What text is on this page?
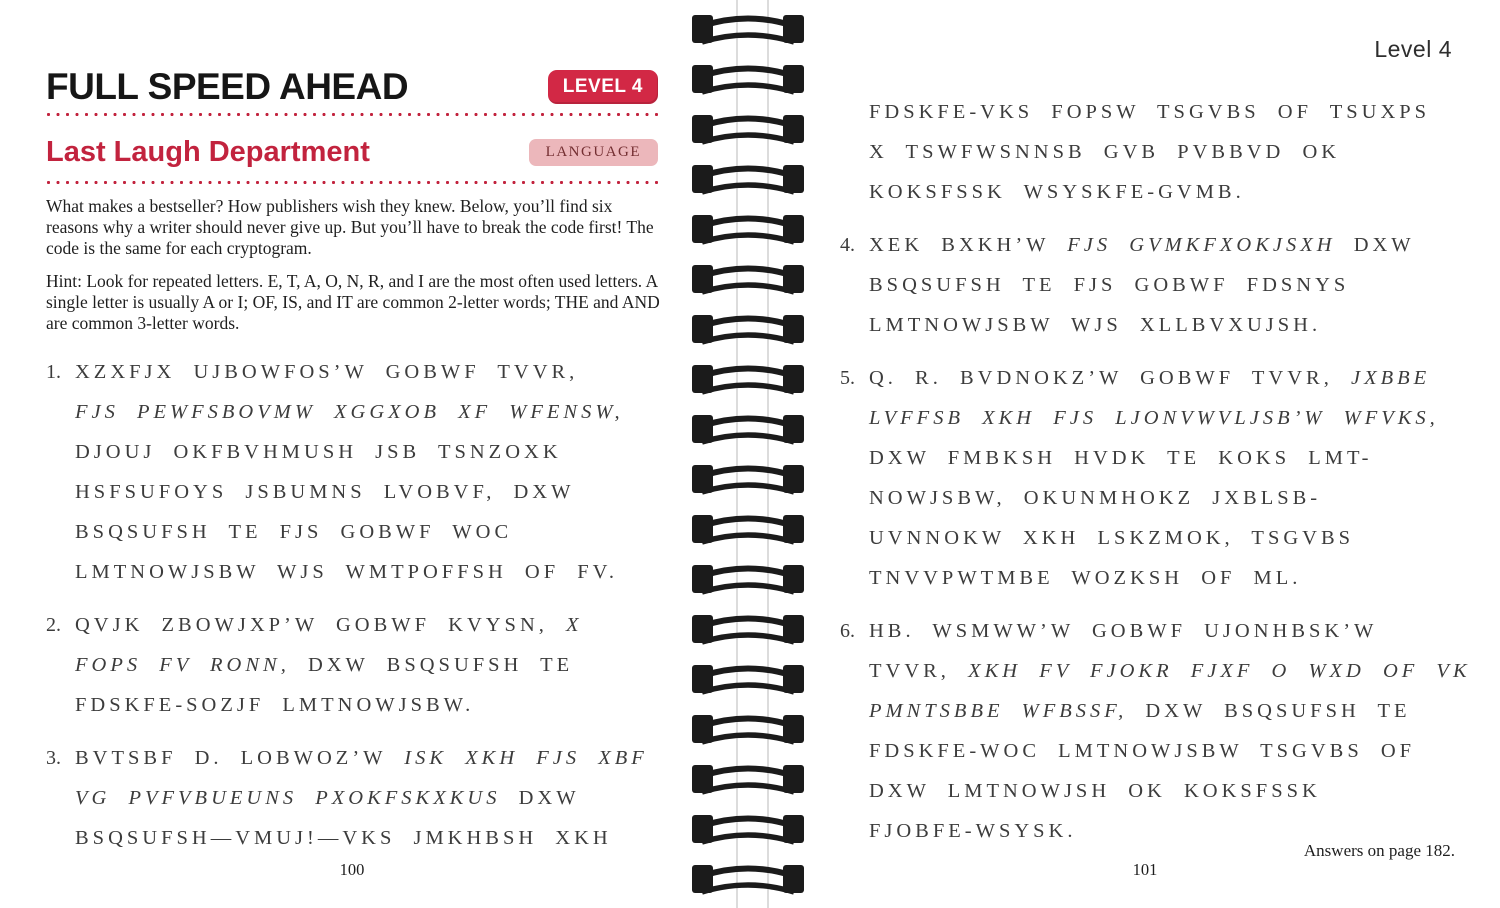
FULL SPEED AHEAD	LEVEL 4
Last Laugh Department	LANGUAGE
What makes a bestseller? How publishers wish they knew. Below, you’ll find six reasons why a writer should never give up. But you’ll have to break the code first! The code is the same for each cryptogram.
Hint: Look for repeated letters. E, T, A, O, N, R, and I are the most often used letters. A single letter is usually A or I; OF, IS, and IT are common 2-letter words; THE and AND are common 3-letter words.
1. XZXFJX UJBOWFOS’W GOBWF TVVR,
FJS PEWFSBOVMW XGGXOB XF WFENSW,
DJOUJ OKFBVHMUSH JSB TSNZOXK
HSFSUFOYS JSBUMNS LVOBVF, DXW
BSQSUFSH TE FJS GOBWF WOC
LMTNOWJSBW WJS WMTPOFFSH OF FV.
2. QVJK ZBOWJXP’W GOBWF KVYSN, X
FOPS FV RONN, DXW BSQSUFSH TE
FDSKFE-SOZJF LMTNOWJSBW.
3. BVTSBF D. LOBWOZ’W ISK XKH FJS XBF
VG PVFVBUEUNS PXOKFSKXKUS DXW
BSQSUFSH—VMUJ!—VKS JMKHBSH XKH
100
Level 4
FDSKFE-VKS FOPSW TSGVBS OF TSUXPS
X TSWFWSNNSB GVB PVBBVD OK
KOKSFSSK WSYSKFE-GVMB.
4. XEK BXKH’W FJS GVMKFXOKJSXH DXW
BSQSUFSH TE FJS GOBWF FDSNYS
LMTNOWJSBW WJS XLLBVXUJSH.
5. Q. R. BVDNOKZ’W GOBWF TVVR, JXBBE
LVFFSB XKH FJS LJONVWVLJSB’W WFVKS,
DXW FMBKSH HVDK TE KOKS LMT-
NOWJSBW, OKUNMHOKZ JXBLSB-
UVNNOKW XKH LSKZMOK, TSGVBS
TNVVPWTMBE WOZKSH OF ML.
6. HB. WSMWW’W GOBWF UJONHBSK’W
TVVR, XKH FV FJOKR FJXF O WXD OF VK
PMNTSBBE WFBSSF, DXW BSQSUFSH TE
FDSKFE-WOC LMTNOWJSBW TSGVBS OF
DXW LMTNOWJSH OK KOKSFSSK
FJOBFE-WSYSK.
Answers on page 182.
101
